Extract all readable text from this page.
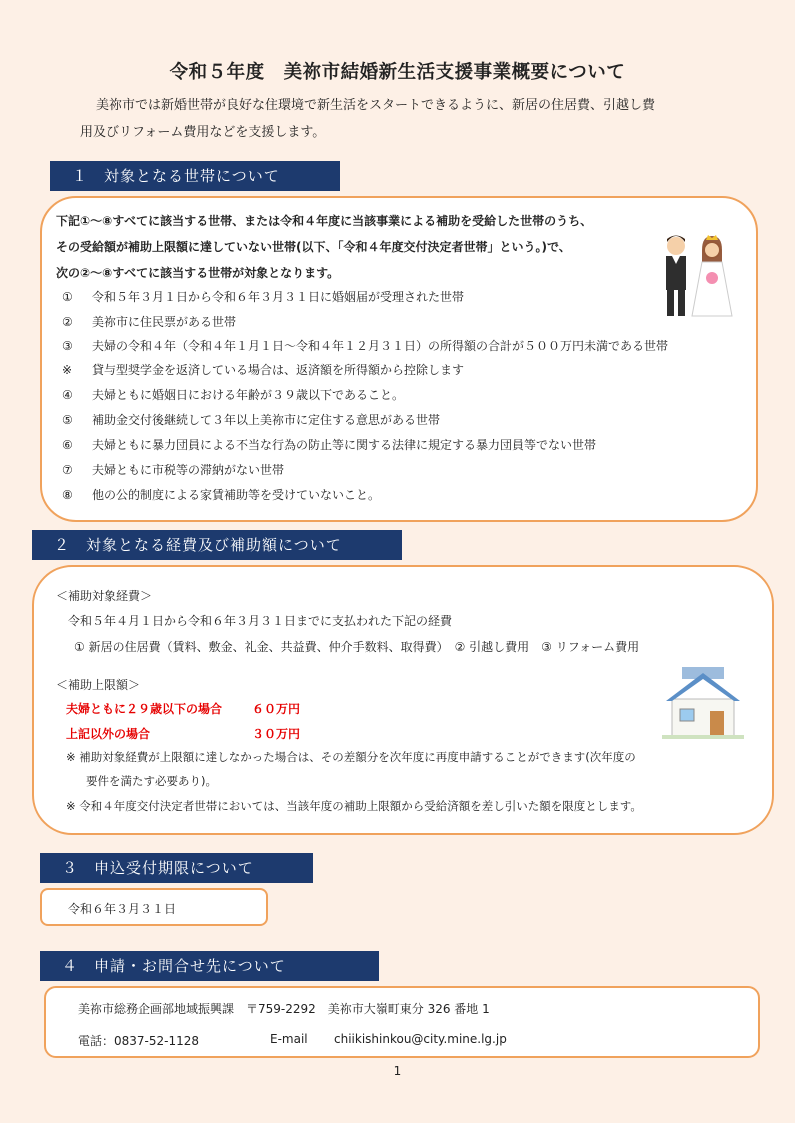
令和５年度　美祢市結婚新生活支援事業概要について
美祢市では新婚世帯が良好な住環境で新生活をスタートできるように、新居の住居費、引越し費
用及びリフォーム費用などを支援します。
下記①～⑧すべてに該当する世帯、または令和４年度に当該事業による補助を受給した世帯のうち、
その受給額が補助上限額に達していない世帯(以下、「令和４年度交付決定者世帯」という。)で、
次の②～⑧すべてに該当する世帯が対象となります。
① 令和５年３月１日から令和６年３月３１日に婚姻届が受理された世帯
② 美祢市に住民票がある世帯
③ 夫婦の令和４年（令和４年１月１日～令和４年１２月３１日）の所得額の合計が５００万円未満である世帯
※ 貸与型奨学金を返済している場合は、返済額を所得額から控除します
④ 夫婦ともに婚姻日における年齢が３９歳以下であること。
⑤ 補助金交付後継続して３年以上美祢市に定住する意思がある世帯
⑥ 夫婦ともに暴力団員による不当な行為の防止等に関する法律に規定する暴力団員等でない世帯
⑦ 夫婦ともに市税等の滞納がない世帯
⑧ 他の公的制度による家賃補助等を受けていないこと。
１　対象となる世帯について
＜補助対象経費＞
令和５年４月１日から令和６年３月３１日までに支払われた下記の経費
① 新居の住居費（賃料、敷金、礼金、共益費、仲介手数料、取得費）　② 引越し費用　③ リフォーム費用
＜補助上限額＞
夫婦ともに２９歳以下の場合 ６０万円
上記以外の場合	３０万円
※ 補助対象経費が上限額に達しなかった場合は、その差額分を次年度に再度申請することができます(次年度の
要件を満たす必要あり)。
※ 令和４年度交付決定者世帯においては、当該年度の補助上限額から受給済額を差し引いた額を限度とします。
２　対象となる経費及び補助額について
３　申込受付期限について
令和６年３月３１日
４　申請・お問合せ先について
美祢市総務企画部地域振興課　〒759-2292　美祢市大嶺町東分 326 番地 1
電話：0837-52-1128	E-mail chiikishinkou@city.mine.lg.jp
1
